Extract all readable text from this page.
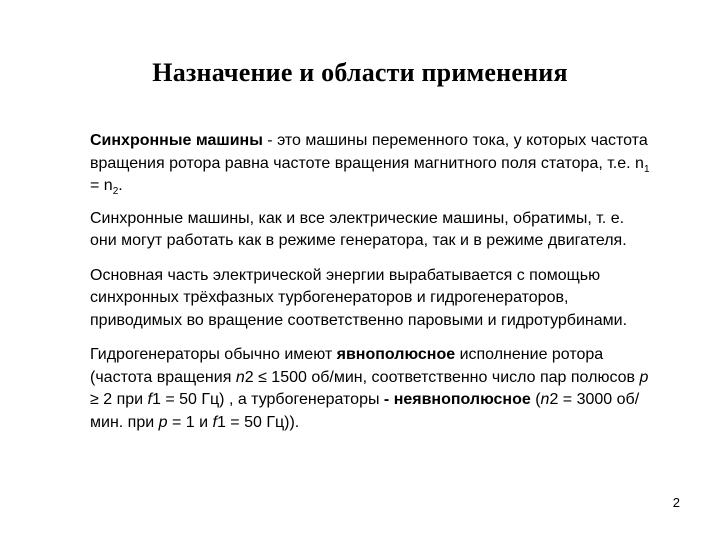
Назначение и области применения

Синхронные машины - это машины переменного тока, у которых частота вращения ротора равна частоте вращения магнитного поля статора, т.е. $n_1 = n_2$.

Синхронные машины, как и все электрические машины, обратимы, т. е. они могут работать как в режиме генератора, так и в режиме двигателя.

Основная часть электрической энергии вырабатывается с помощью синхронных трёхфазных турбогенераторов и гидрогенераторов, приводимых во вращение соответственно паровыми и гидротурбинами.

Гидрогенераторы обычно имеют явнополюсное исполнение ротора (частота вращения n2 ≤ 1500 об/мин, соответственно число пар полюсов p ≥ 2 при f1 = 50 Гц) , а турбогенераторы - неявнополюсное (n2 = 3000 об/мин. при p = 1 и f1 = 50 Гц)).

2
